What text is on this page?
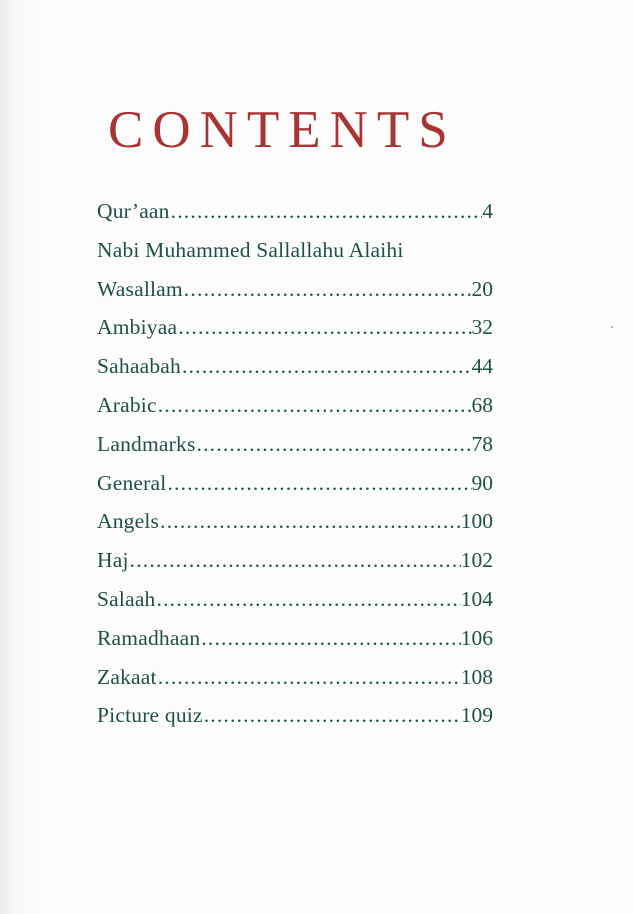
CONTENTS
Qur’aan .....	4
Nabi Muhammed Sallallahu Alaihi
Wasallam .....	20
Ambiyaa .....	32
Sahaabah .....	44
Arabic .....	68
Landmarks .....	78
General .....	90
Angels .....	100
Haj .....	102
Salaah .....	104
Ramadhaan .....	106
Zakaat .....	108
Picture quiz .....	109
